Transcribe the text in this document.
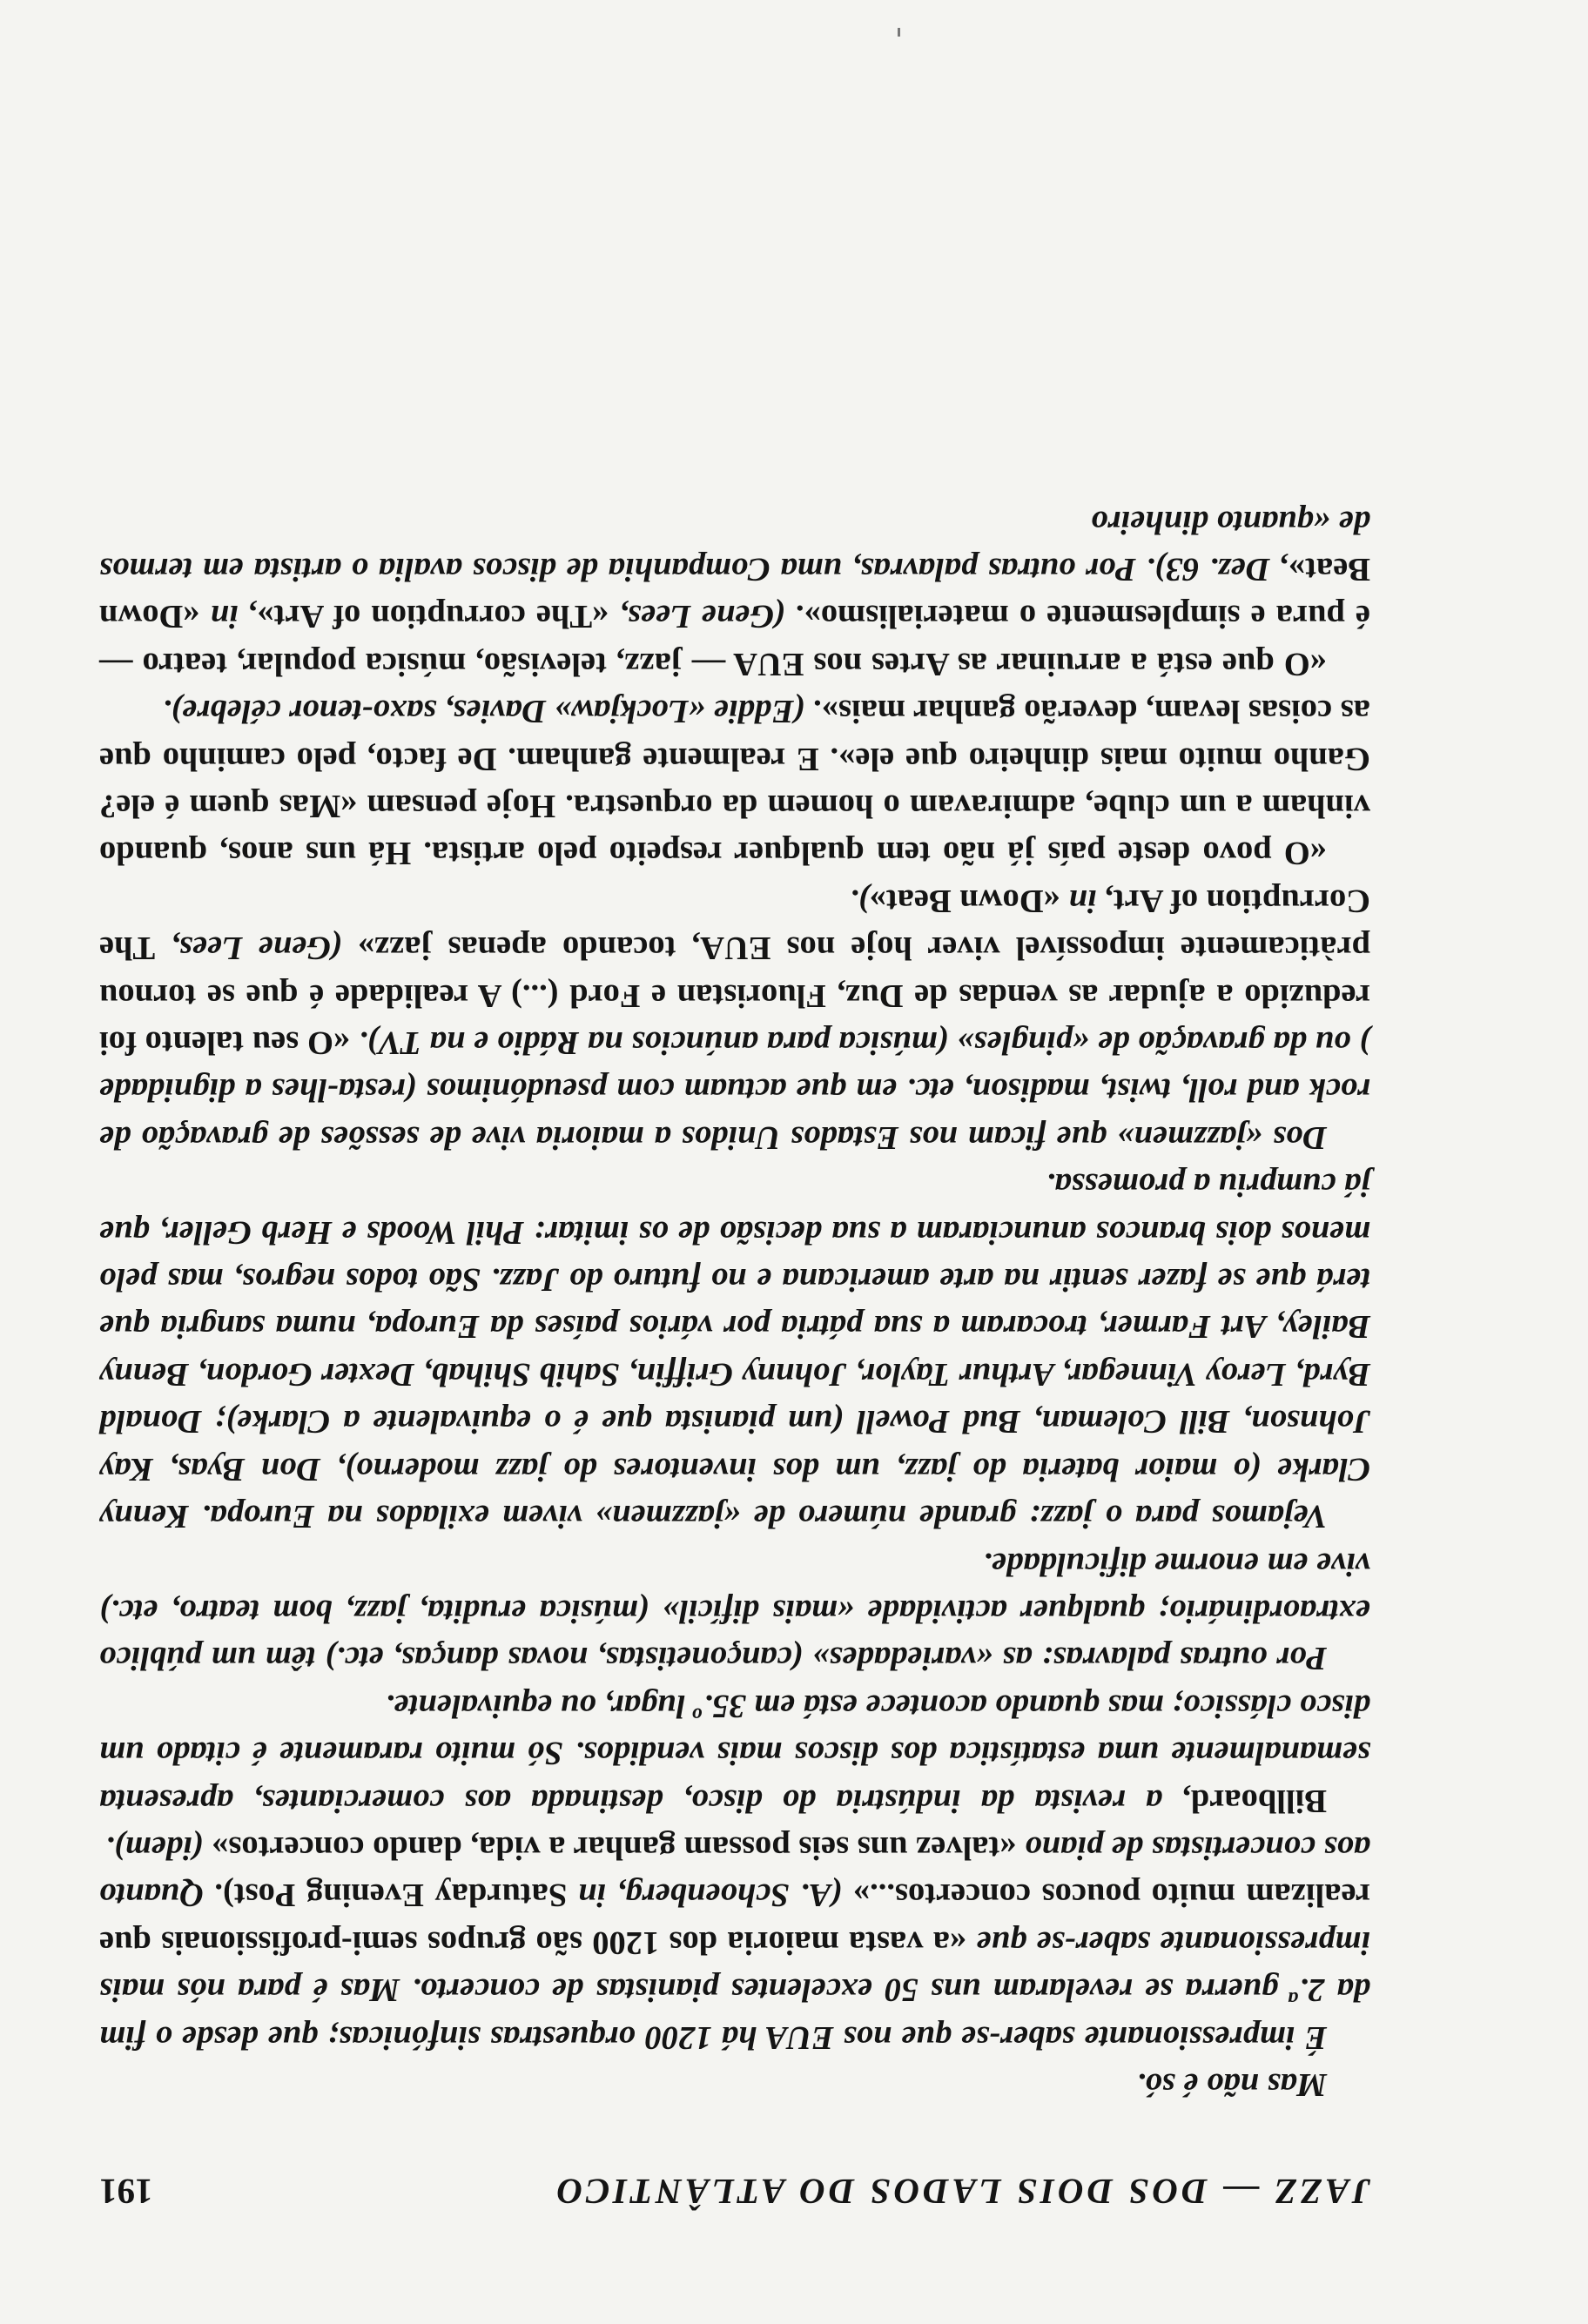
JAZZ — DOS DOIS LADOS DO ATLÂNTICO
191

Mas não é só.

É impressionante saber-se que nos EUA há 1200 orquestras sinfónicas; que desde o fim da 2.ª guerra se revelaram uns 50 excelentes pianistas de concerto. Mas é para nós mais impressionante saber-se que «a vasta maioria dos 1200 são grupos semi-profissionais que realizam muito poucos concertos...» (A. Schoenberg, in Saturday Evening Post). Quanto aos concertistas de piano «talvez uns seis possam ganhar a vida, dando concertos» (idem).

Billboard, a revista da indústria do disco, destinada aos comerciantes, apresenta semanalmente uma estatística dos discos mais vendidos. Só muito raramente é citado um disco clássico; mas quando acontece está em 35.º lugar, ou equivalente.

Por outras palavras: as «variedades» (cançonetistas, novas danças, etc.) têm um público extraordinário; qualquer actividade «mais difícil» (música erudita, jazz, bom teatro, etc.) vive em enorme dificuldade.

Vejamos para o jazz: grande número de «jazzmen» vivem exilados na Europa. Kenny Clarke (o maior bateria do jazz, um dos inventores do jazz moderno), Don Byas, Kay Johnson, Bill Coleman, Bud Powell (um pianista que é o equivalente a Clarke); Donald Byrd, Leroy Vinnegar, Arthur Taylor, Johnny Griffin, Sahib Shihab, Dexter Gordon, Benny Bailey, Art Farmer, trocaram a sua pátria por vários países da Europa, numa sangria que terá que se fazer sentir na arte americana e no futuro do Jazz. São todos negros, mas pelo menos dois brancos anunciaram a sua decisão de os imitar: Phil Woods e Herb Geller, que já cumpriu a promessa.

Dos «jazzmen» que ficam nos Estados Unidos a maioria vive de sessões de gravação de rock and roll, twist, madison, etc. em que actuam com pseudónimos (resta-lhes a dignidade ) ou da gravação de «pingles» (música para anúncios na Rádio e na TV). «O seu talento foi reduzido a ajudar as vendas de Duz, Fluoristan e Ford (...) A realidade é que se tornou pràticamente impossível viver hoje nos EUA, tocando apenas jazz» (Gene Lees, The Corruption of Art, in «Down Beat»).

«O povo deste país já não tem qualquer respeito pelo artista. Há uns anos, quando vinham a um clube, admiravam o homem da orquestra. Hoje pensam «Mas quem é ele? Ganho muito mais dinheiro que ele». E realmente ganham. De facto, pelo caminho que as coisas levam, deverão ganhar mais». (Eddie «Lockjaw» Davies, saxo-tenor célebre).

«O que está a arruinar as Artes nos EUA — jazz, televisão, música popular, teatro — é pura e simplesmente o materialismo». (Gene Lees, «The corruption of Art», in «Down Beat», Dez. 63). Por outras palavras, uma Companhia de discos avalia o artista em termos de «quanto dinheiro
